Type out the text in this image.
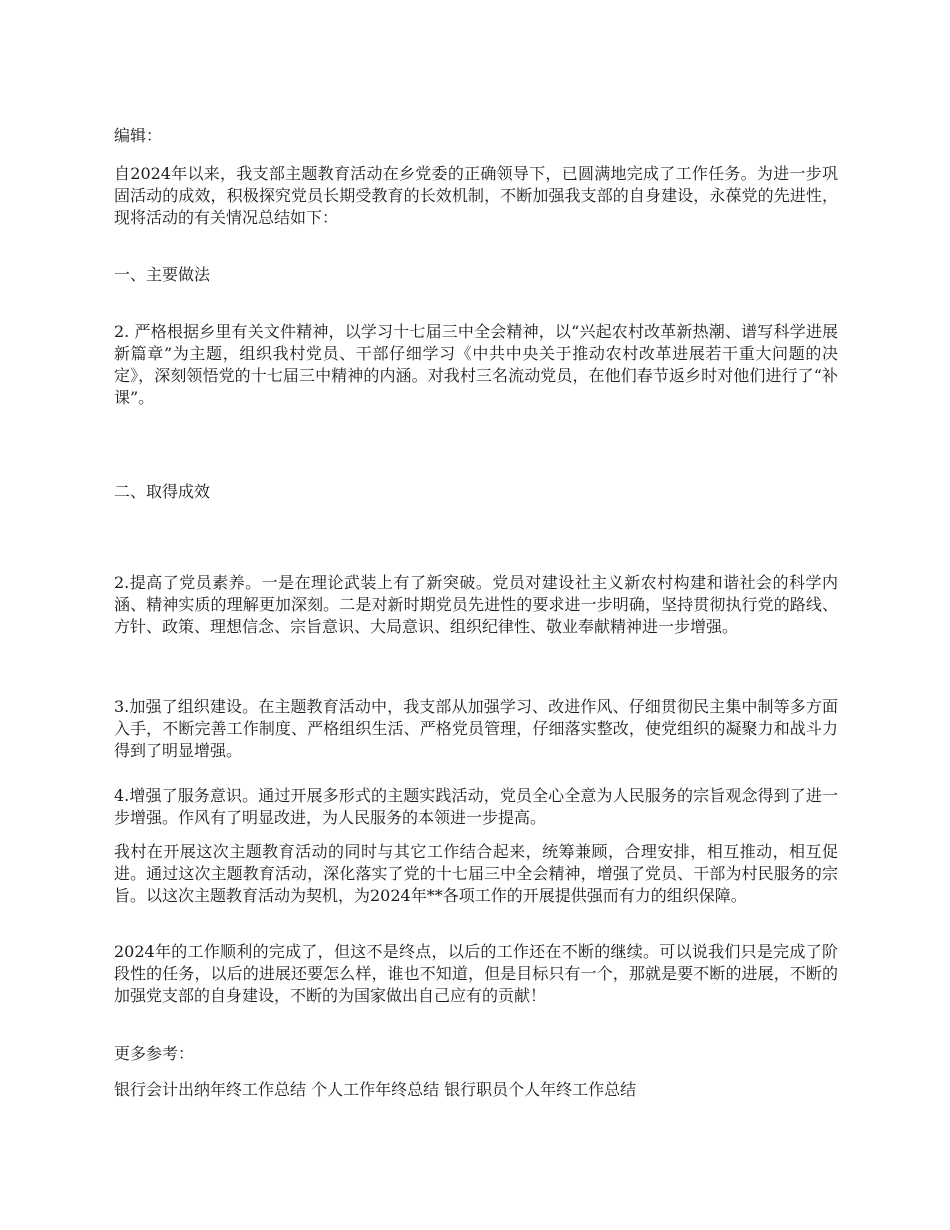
编辑：

自2024年以来，我支部主题教育活动在乡党委的正确领导下，已圆满地完成了工作任务。为进一步巩固活动的成效，积极探究党员长期受教育的长效机制，不断加强我支部的自身建设，永葆党的先进性，现将活动的有关情况总结如下：

一、主要做法

2. 严格根据乡里有关文件精神，以学习十七届三中全会精神，以“兴起农村改革新热潮、谱写科学进展新篇章”为主题，组织我村党员、干部仔细学习《中共中央关于推动农村改革进展若干重大问题的决定》，深刻领悟党的十七届三中精神的内涵。对我村三名流动党员，在他们春节返乡时对他们进行了“补课”。

二、取得成效

2.提高了党员素养。一是在理论武装上有了新突破。党员对建设社主义新农村构建和谐社会的科学内涵、精神实质的理解更加深刻。二是对新时期党员先进性的要求进一步明确，坚持贯彻执行党的路线、方针、政策、理想信念、宗旨意识、大局意识、组织纪律性、敬业奉献精神进一步增强。

3.加强了组织建设。在主题教育活动中，我支部从加强学习、改进作风、仔细贯彻民主集中制等多方面入手，不断完善工作制度、严格组织生活、严格党员管理，仔细落实整改，使党组织的凝聚力和战斗力得到了明显增强。

4.增强了服务意识。通过开展多形式的主题实践活动，党员全心全意为人民服务的宗旨观念得到了进一步增强。作风有了明显改进，为人民服务的本领进一步提高。

我村在开展这次主题教育活动的同时与其它工作结合起来，统筹兼顾，合理安排，相互推动，相互促进。通过这次主题教育活动，深化落实了党的十七届三中全会精神，增强了党员、干部为村民服务的宗旨。以这次主题教育活动为契机，为2024年**各项工作的开展提供强而有力的组织保障。

2024年的工作顺利的完成了，但这不是终点，以后的工作还在不断的继续。可以说我们只是完成了阶段性的任务，以后的进展还要怎么样，谁也不知道，但是目标只有一个，那就是要不断的进展，不断的加强党支部的自身建设，不断的为国家做出自己应有的贡献！

更多参考：

银行会计出纳年终工作总结 个人工作年终总结 银行职员个人年终工作总结
